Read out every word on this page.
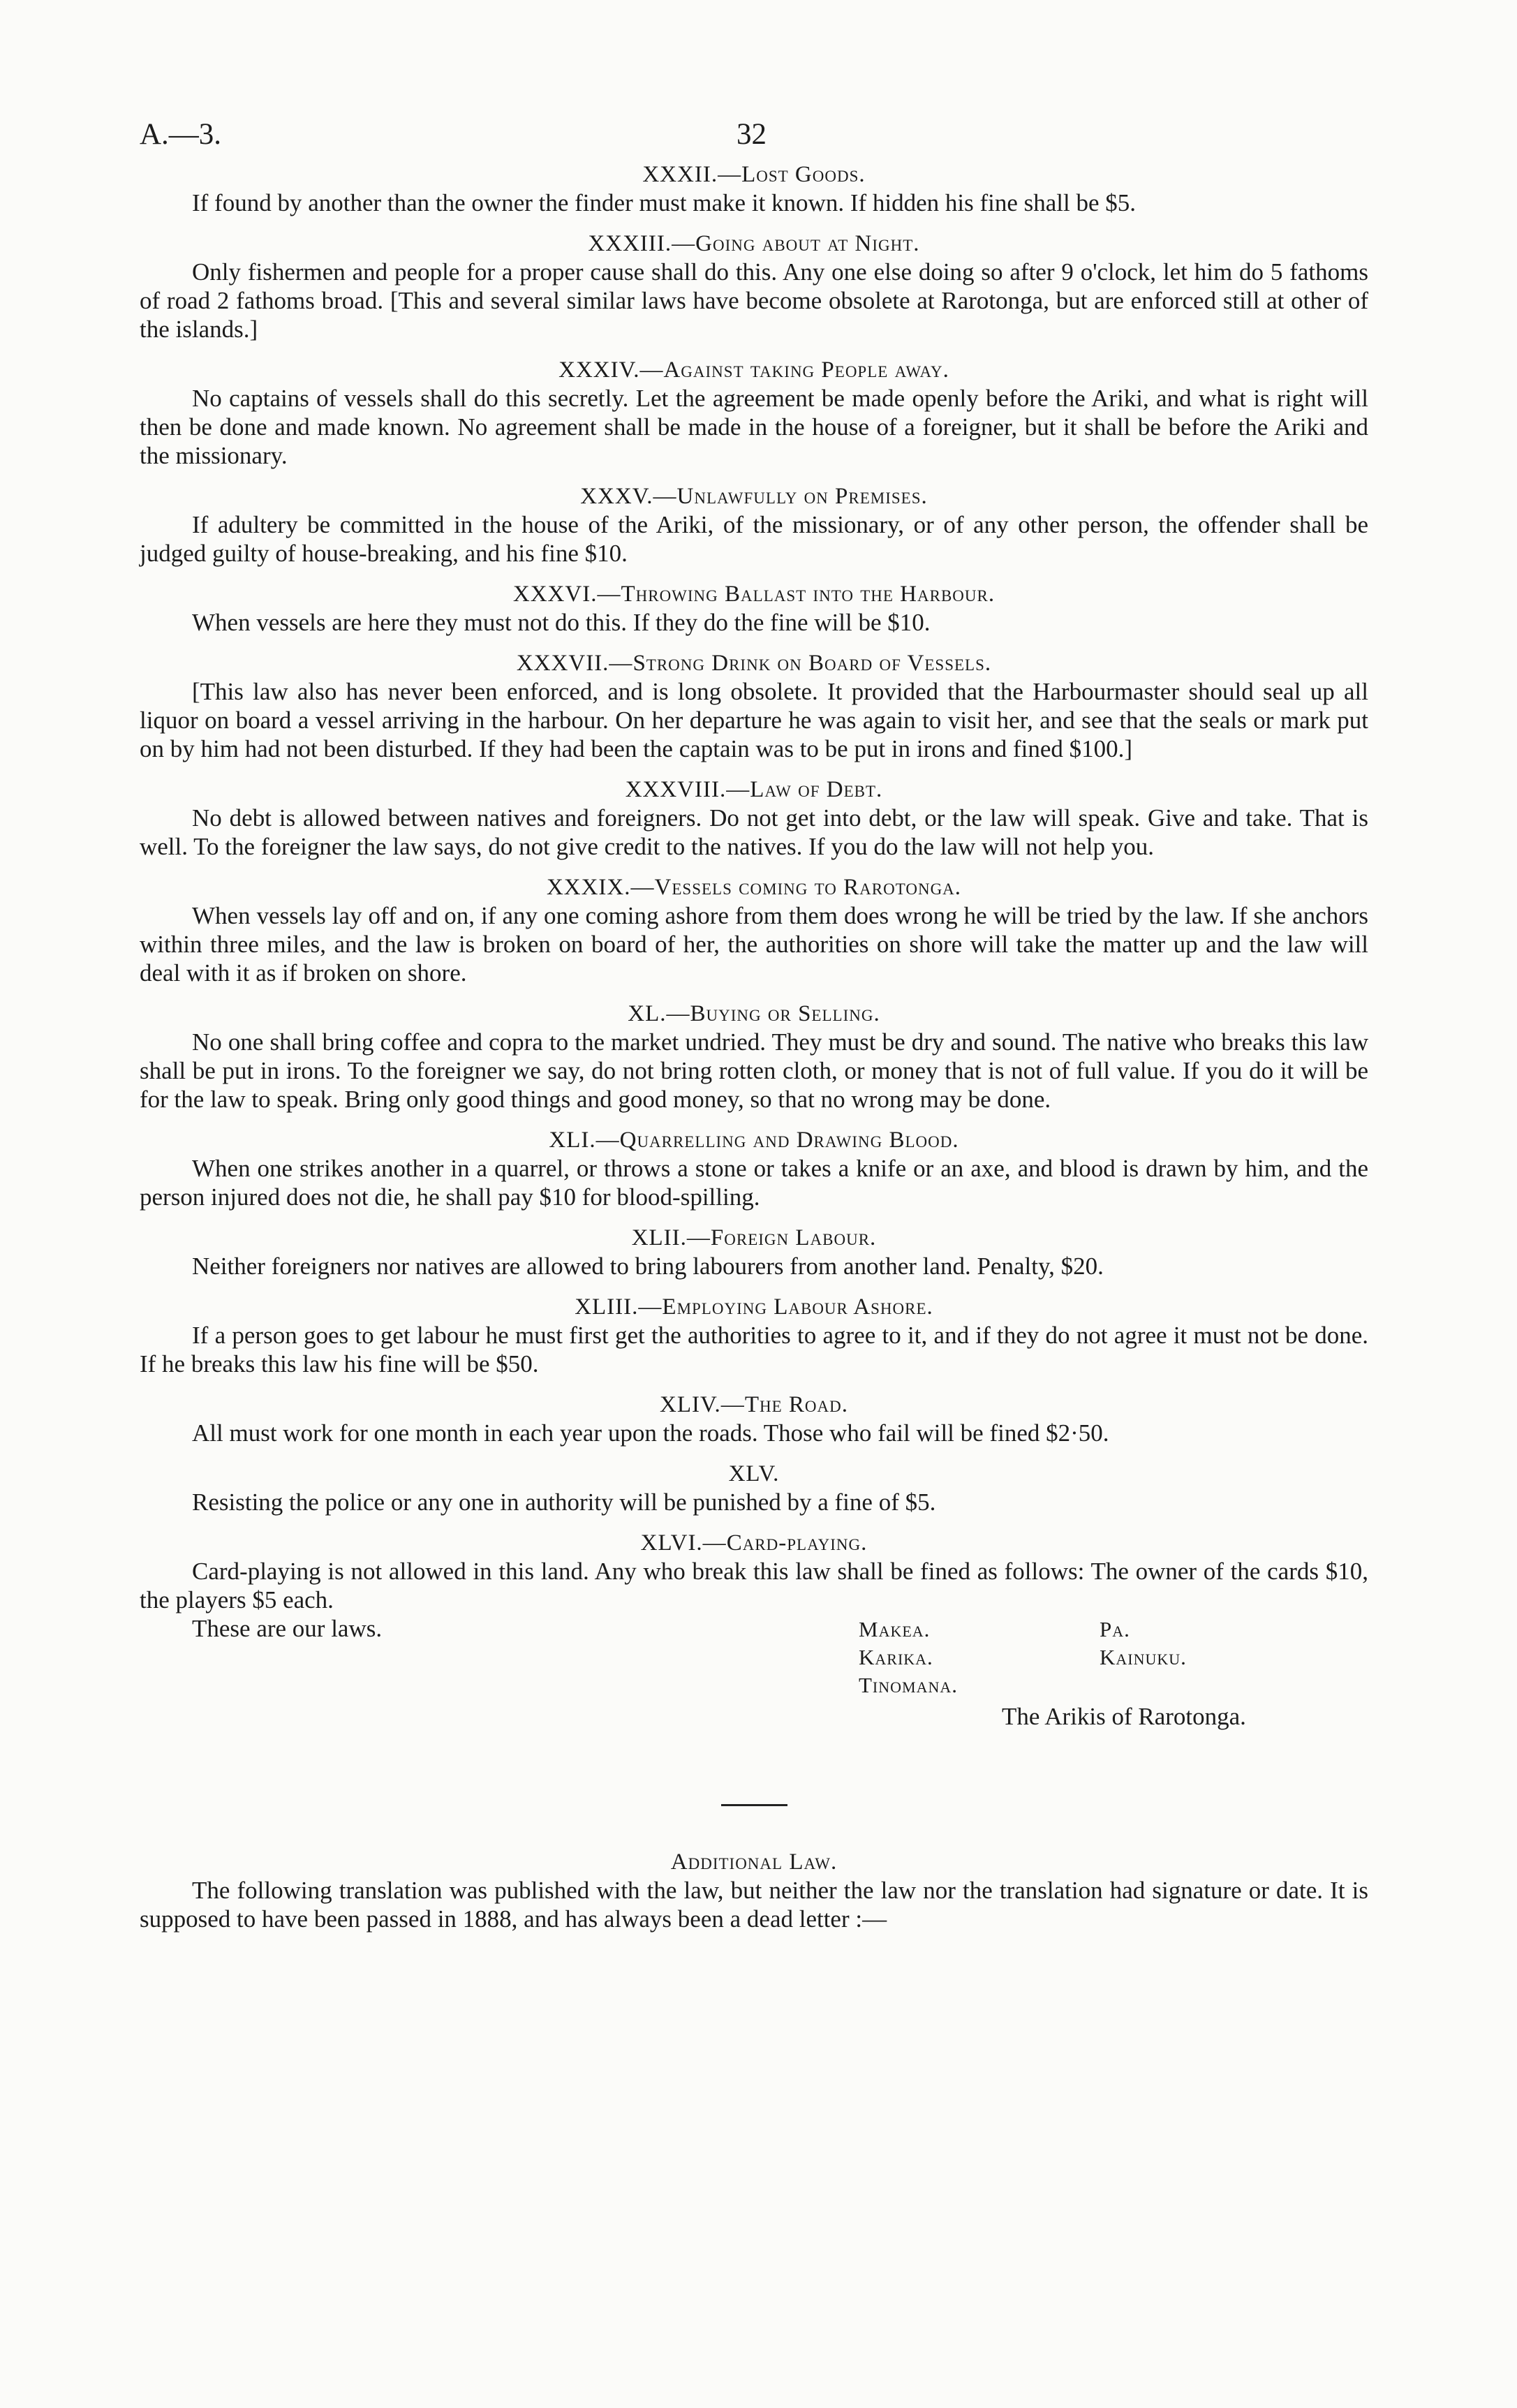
A.—3.	32

XXXII.—Lost Goods.

If found by another than the owner the finder must make it known. If hidden his fine shall be $5.

XXXIII.—Going about at Night.

Only fishermen and people for a proper cause shall do this. Any one else doing so after 9 o'clock, let him do 5 fathoms of road 2 fathoms broad. [This and several similar laws have become obsolete at Rarotonga, but are enforced still at other of the islands.]

XXXIV.—Against taking People away.

No captains of vessels shall do this secretly. Let the agreement be made openly before the Ariki, and what is right will then be done and made known. No agreement shall be made in the house of a foreigner, but it shall be before the Ariki and the missionary.

XXXV.—Unlawfully on Premises.

If adultery be committed in the house of the Ariki, of the missionary, or of any other person, the offender shall be judged guilty of house-breaking, and his fine $10.

XXXVI.—Throwing Ballast into the Harbour.

When vessels are here they must not do this. If they do the fine will be $10.

XXXVII.—Strong Drink on Board of Vessels.

[This law also has never been enforced, and is long obsolete. It provided that the Harbourmaster should seal up all liquor on board a vessel arriving in the harbour. On her departure he was again to visit her, and see that the seals or mark put on by him had not been disturbed. If they had been the captain was to be put in irons and fined $100.]

XXXVIII.—Law of Debt.

No debt is allowed between natives and foreigners. Do not get into debt, or the law will speak. Give and take. That is well. To the foreigner the law says, do not give credit to the natives. If you do the law will not help you.

XXXIX.—Vessels coming to Rarotonga.

When vessels lay off and on, if any one coming ashore from them does wrong he will be tried by the law. If she anchors within three miles, and the law is broken on board of her, the authorities on shore will take the matter up and the law will deal with it as if broken on shore.

XL.—Buying or Selling.

No one shall bring coffee and copra to the market undried. They must be dry and sound. The native who breaks this law shall be put in irons. To the foreigner we say, do not bring rotten cloth, or money that is not of full value. If you do it will be for the law to speak. Bring only good things and good money, so that no wrong may be done.

XLI.—Quarrelling and Drawing Blood.

When one strikes another in a quarrel, or throws a stone or takes a knife or an axe, and blood is drawn by him, and the person injured does not die, he shall pay $10 for blood-spilling.

XLII.—Foreign Labour.

Neither foreigners nor natives are allowed to bring labourers from another land. Penalty, $20.

XLIII.—Employing Labour Ashore.

If a person goes to get labour he must first get the authorities to agree to it, and if they do not agree it must not be done. If he breaks this law his fine will be $50.

XLIV.—The Road.

All must work for one month in each year upon the roads. Those who fail will be fined $2·50.

XLV.

Resisting the police or any one in authority will be punished by a fine of $5.

XLVI.—Card-playing.

Card-playing is not allowed in this land. Any who break this law shall be fined as follows: The owner of the cards $10, the players $5 each.

These are our laws.	Makea.	Pa.
Karika.	Kainuku.
Tinomana.
The Arikis of Rarotonga.

Additional Law.

The following translation was published with the law, but neither the law nor the translation had signature or date. It is supposed to have been passed in 1888, and has always been a dead letter :—
